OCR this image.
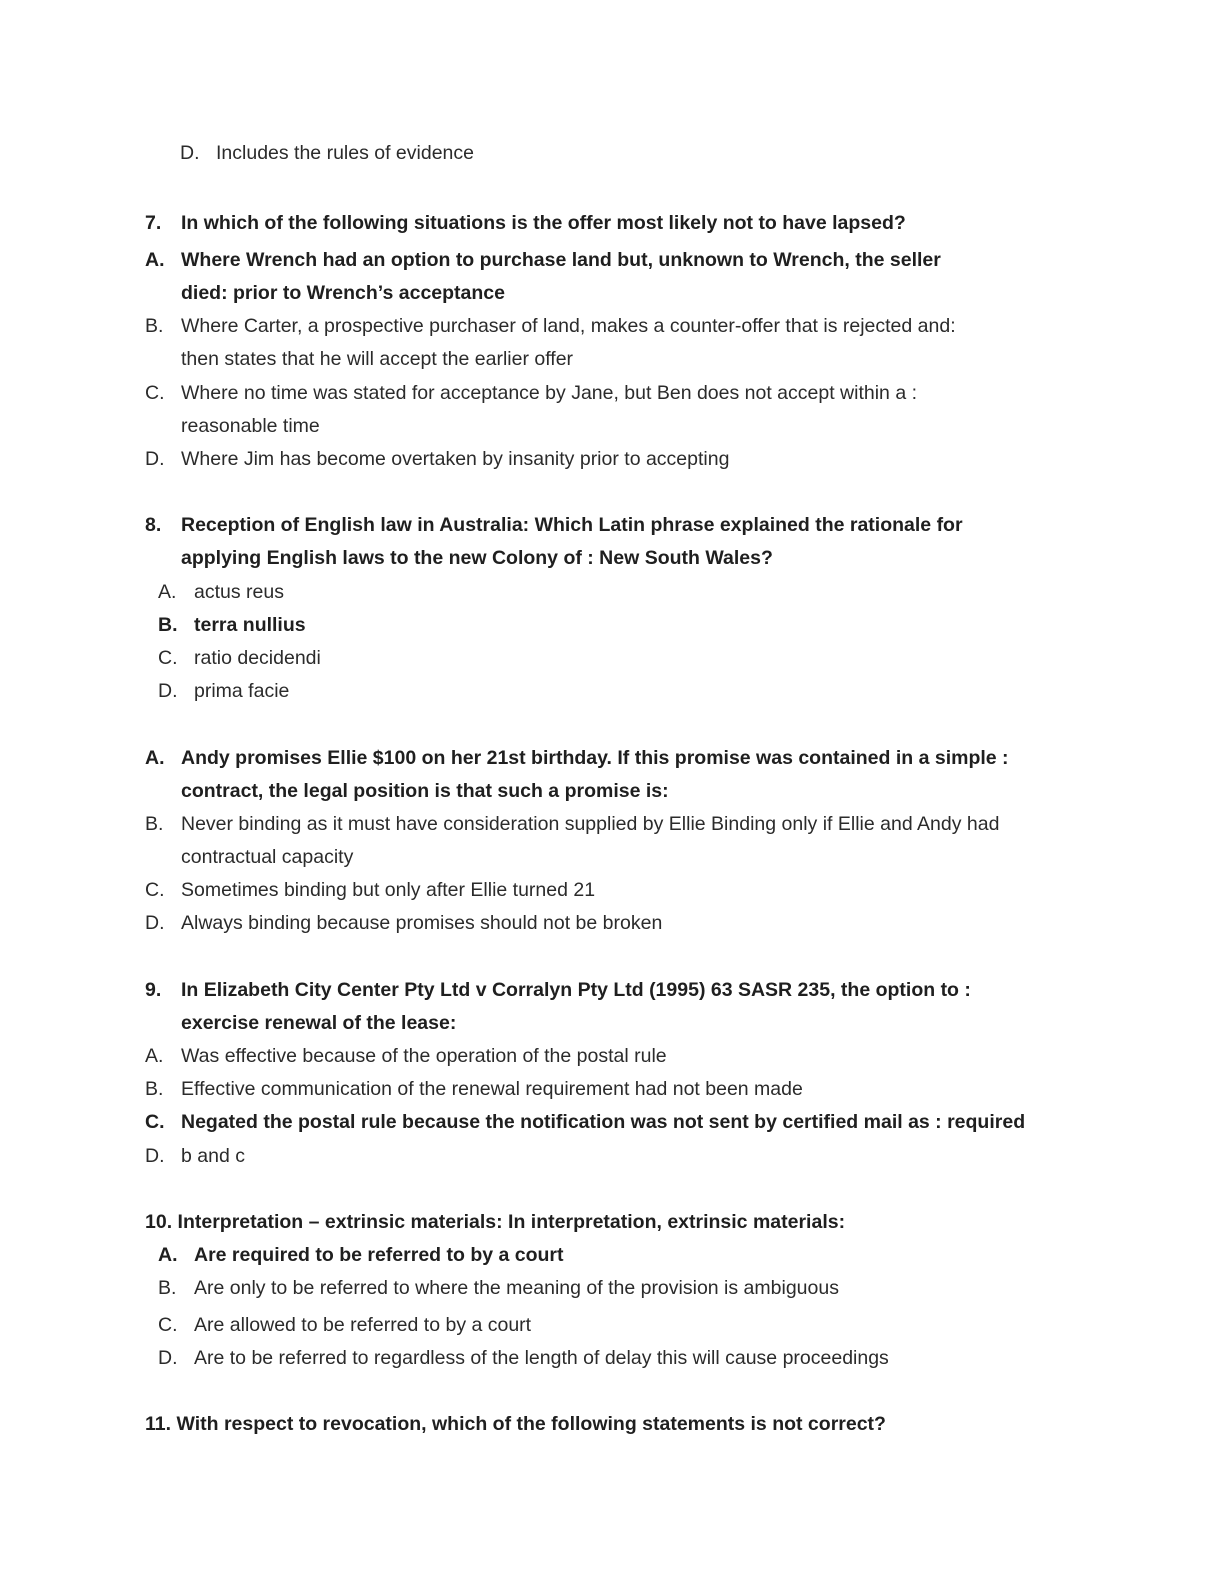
D. Includes the rules of evidence
7. In which of the following situations is the offer most likely not to have lapsed?
A. Where Wrench had an option to purchase land but, unknown to Wrench, the seller
died: prior to Wrench’s acceptance
B. Where Carter, a prospective purchaser of land, makes a counter-offer that is rejected and:
then states that he will accept the earlier offer
C. Where no time was stated for acceptance by Jane, but Ben does not accept within a :
reasonable time
D. Where Jim has become overtaken by insanity prior to accepting
8. Reception of English law in Australia: Which Latin phrase explained the rationale for
applying English laws to the new Colony of : New South Wales?
A. actus reus
B. terra nullius
C. ratio decidendi
D. prima facie
A. Andy promises Ellie $100 on her 21st birthday. If this promise was contained in a simple :
contract, the legal position is that such a promise is:
B. Never binding as it must have consideration supplied by Ellie Binding only if Ellie and Andy had
contractual capacity
C. Sometimes binding but only after Ellie turned 21
D. Always binding because promises should not be broken
9. In Elizabeth City Center Pty Ltd v Corralyn Pty Ltd (1995) 63 SASR 235, the option to :
exercise renewal of the lease:
A. Was effective because of the operation of the postal rule
B. Effective communication of the renewal requirement had not been made
C. Negated the postal rule because the notification was not sent by certified mail as : required
D. b and c
10. Interpretation – extrinsic materials: In interpretation, extrinsic materials:
A. Are required to be referred to by a court
B. Are only to be referred to where the meaning of the provision is ambiguous
C. Are allowed to be referred to by a court
D. Are to be referred to regardless of the length of delay this will cause proceedings
11. With respect to revocation, which of the following statements is not correct?
